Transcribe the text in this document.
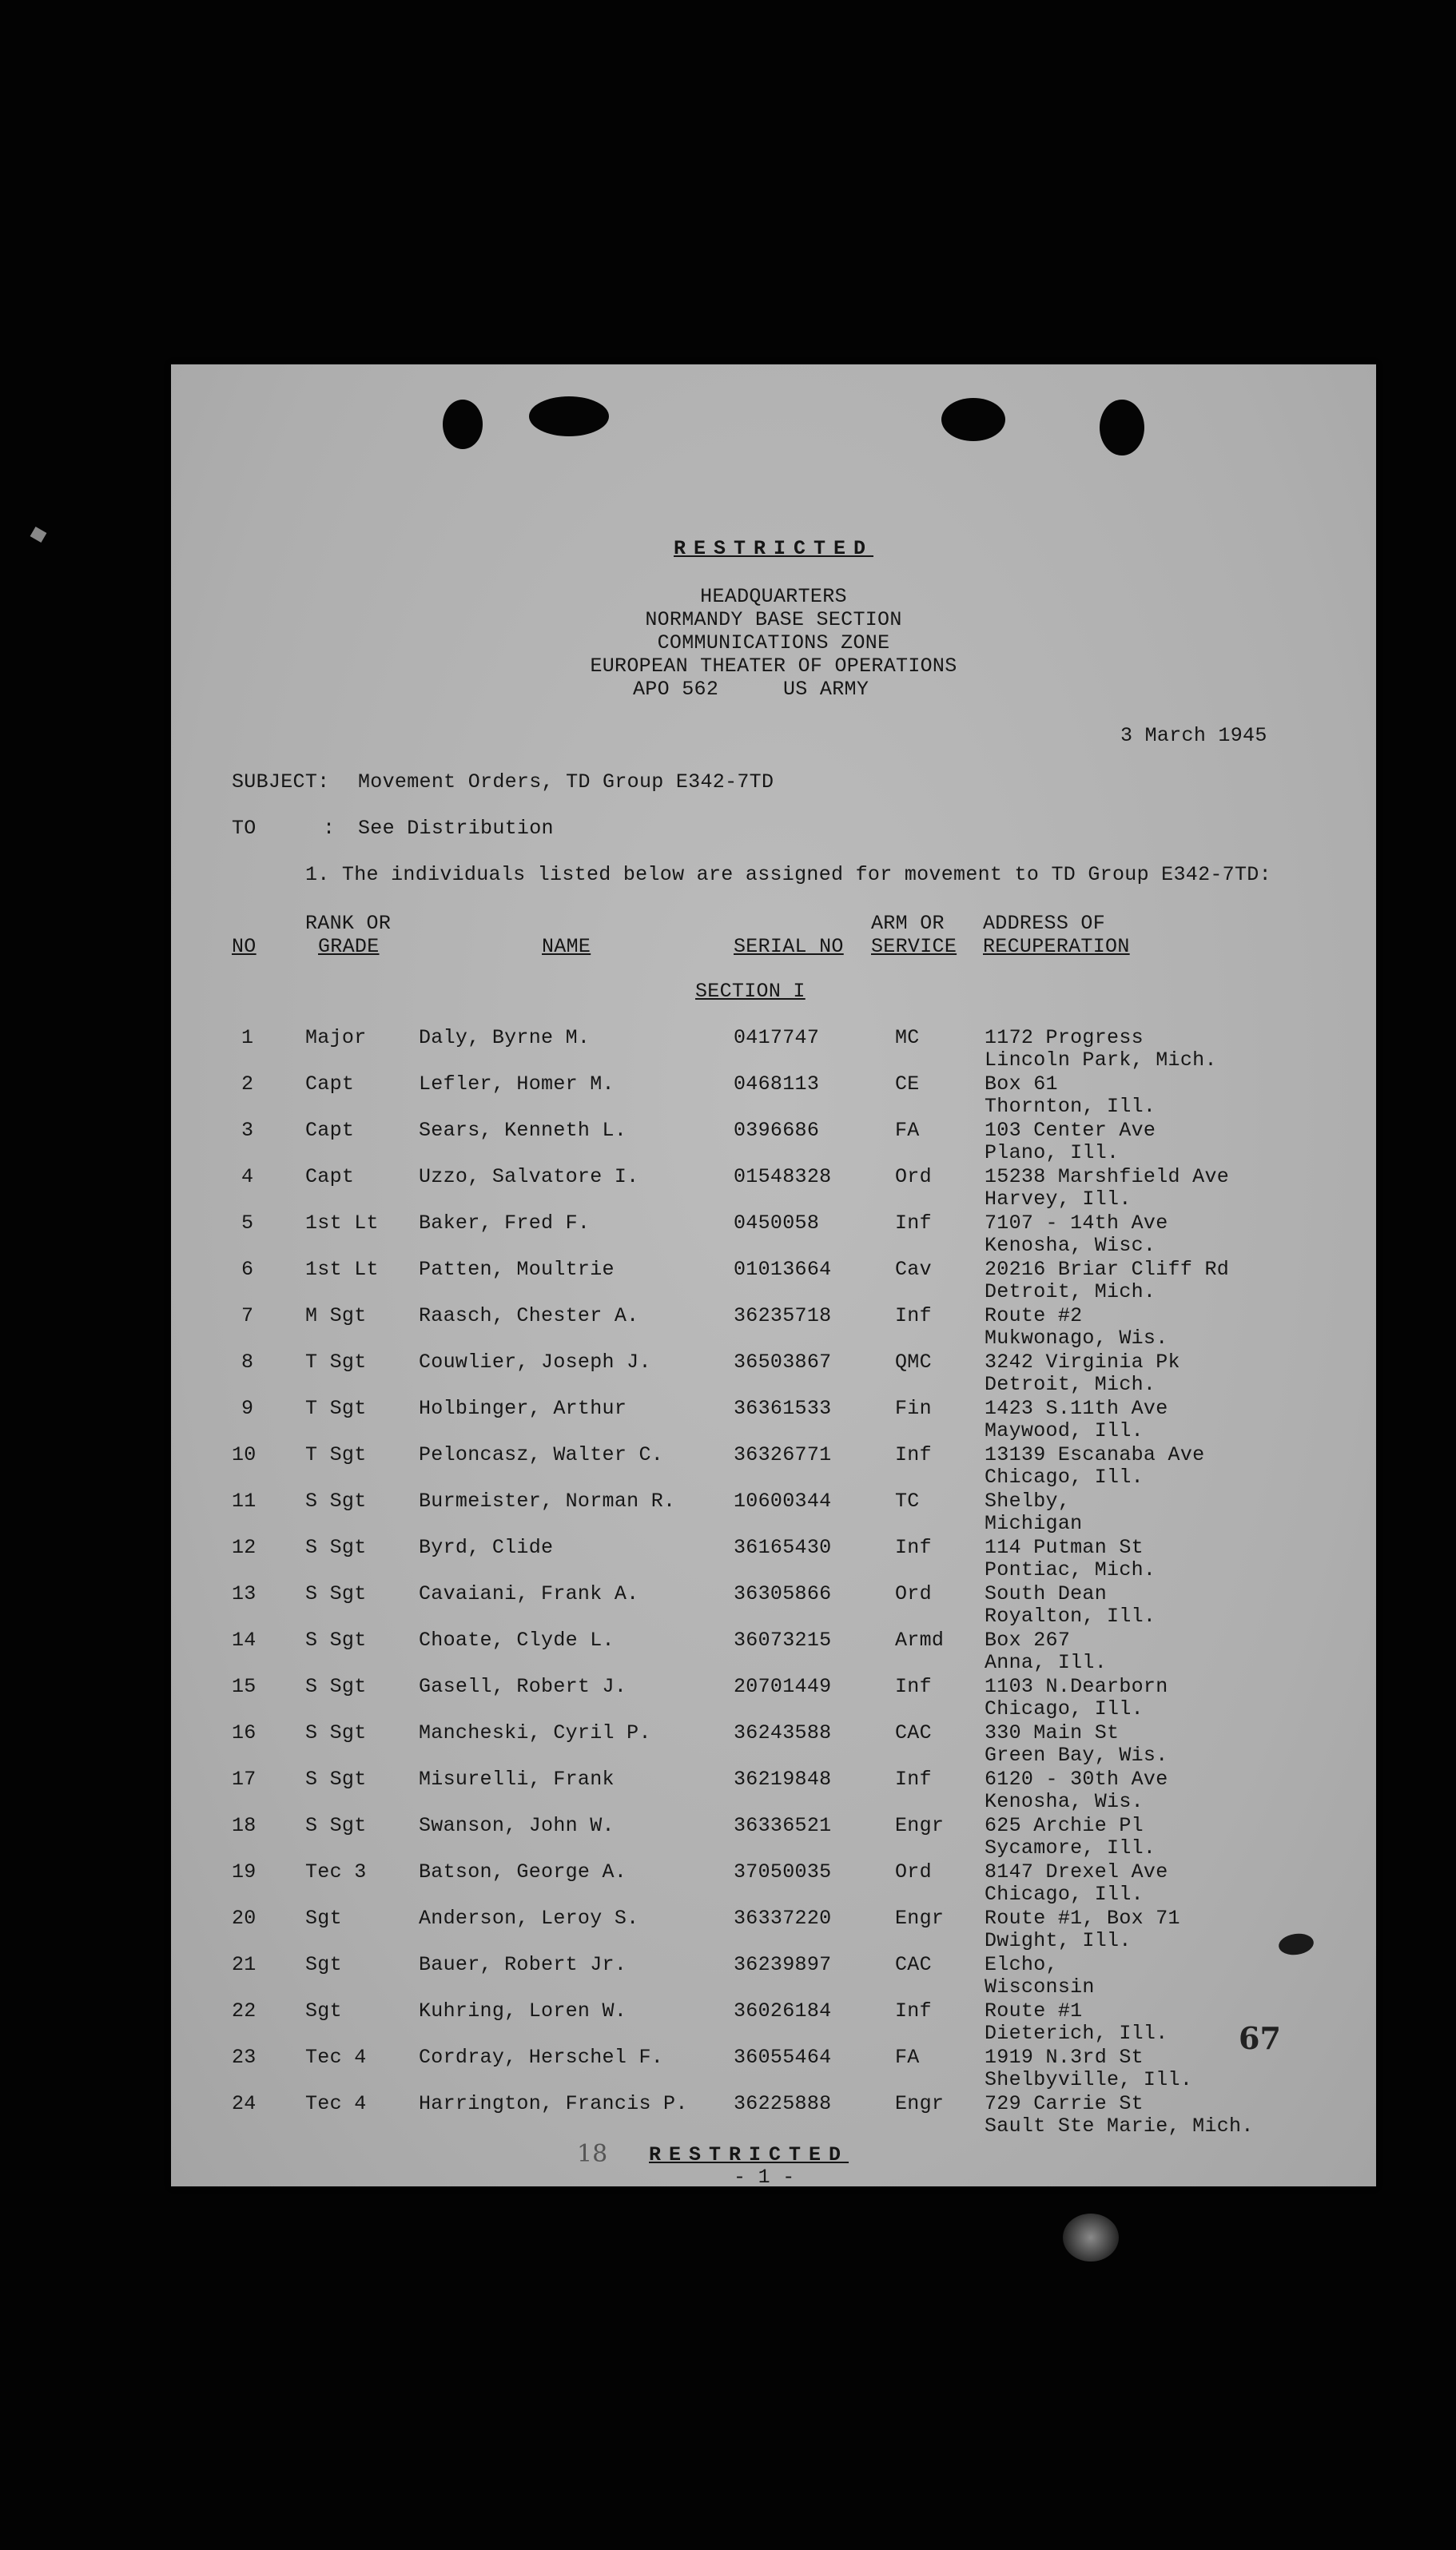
RESTRICTED
HEADQUARTERS
NORMANDY BASE SECTION
COMMUNICATIONS ZONE
EUROPEAN THEATER OF OPERATIONS
APO 562	US ARMY
3 March 1945
SUBJECT: Movement Orders, TD Group E342-7TD
TO	: See Distribution
1. The individuals listed below are assigned for movement to TD Group E342-7TD:
NO
RANK OR
GRADE	NAME	SERIAL NO
ARM OR
SERVICE
ADDRESS OF
RECUPERATION
SECTION I
1	Major	Daly, Byrne M.	0417747	MC	1172 Progress
Lincoln Park, Mich.
2	Capt	Lefler, Homer M.	0468113	CE	Box 61
Thornton, Ill.
3	Capt	Sears, Kenneth L.	0396686	FA	103 Center Ave
Plano, Ill.
4	Capt	Uzzo, Salvatore I.	01548328	Ord	15238 Marshfield Ave
Harvey, Ill.
5	1st Lt Baker, Fred F.	0450058	Inf	7107 - 14th Ave
Kenosha, Wisc.
6	1st Lt Patten, Moultrie	01013664	Cav	20216 Briar Cliff Rd
Detroit, Mich.
7	M Sgt	Raasch, Chester A.	36235718	Inf	Route #2
Mukwonago, Wis.
8	T Sgt	Couwlier, Joseph J.	36503867	QMC	3242 Virginia Pk
Detroit, Mich.
9	T Sgt	Holbinger, Arthur	36361533	Fin	1423 S.11th Ave
Maywood, Ill.
10 T Sgt	Peloncasz, Walter C.	36326771	Inf	13139 Escanaba Ave
Chicago, Ill.
11 S Sgt	Burmeister, Norman R.	10600344	TC	Shelby,
Michigan
12 S Sgt	Byrd, Clide	36165430	Inf	114 Putman St
Pontiac, Mich.
13 S Sgt	Cavaiani, Frank A.	36305866	Ord	South Dean
Royalton, Ill.
14 S Sgt	Choate, Clyde L.	36073215	Armd Box 267
Anna, Ill.
15 S Sgt	Gasell, Robert J.	20701449	Inf	1103 N.Dearborn
Chicago, Ill.
16 S Sgt	Mancheski, Cyril P.	36243588	CAC	330 Main St
Green Bay, Wis.
17 S Sgt	Misurelli, Frank	36219848	Inf	6120 - 30th Ave
Kenosha, Wis.
18 S Sgt	Swanson, John W.	36336521	Engr 625 Archie Pl
Sycamore, Ill.
19 Tec 3	Batson, George A.	37050035	Ord	8147 Drexel Ave
Chicago, Ill.
20 Sgt	Anderson, Leroy S.	36337220	Engr Route #1, Box 71
Dwight, Ill.
21 Sgt	Bauer, Robert Jr.	36239897	CAC	Elcho,
Wisconsin
22 Sgt	Kuhring, Loren W.	36026184	Inf	Route #1
Dieterich, Ill.
23 Tec 4	Cordray, Herschel F.	36055464	FA	1919 N.3rd St
Shelbyville, Ill.
24 Tec 4	Harrington, Francis P. 36225888	Engr 729 Carrie St
Sault Ste Marie, Mich.
67
18 RESTRICTED
- 1 -
